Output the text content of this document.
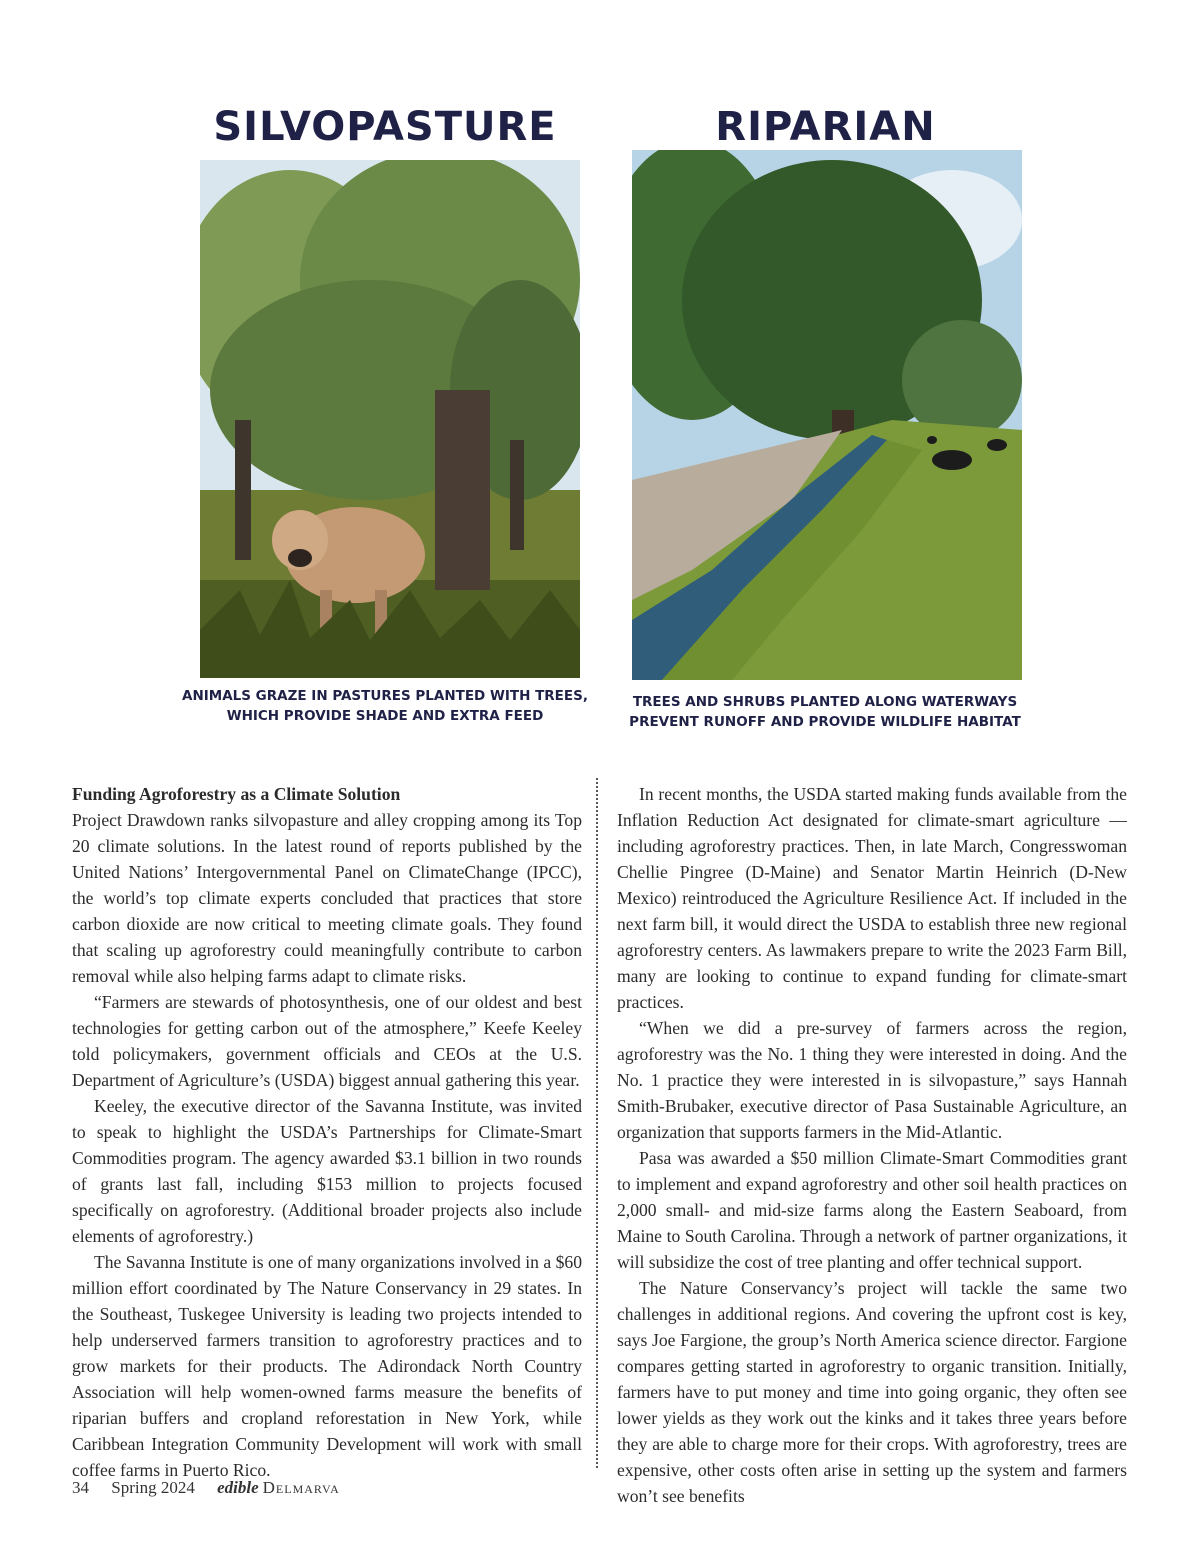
SILVOPASTURE

ANIMALS GRAZE IN PASTURES PLANTED WITH TREES,
WHICH PROVIDE SHADE AND EXTRA FEED

RIPARIAN

TREES AND SHRUBS PLANTED ALONG WATERWAYS
PREVENT RUNOFF AND PROVIDE WILDLIFE HABITAT

Funding Agroforestry as a Climate Solution

Project Drawdown ranks silvopasture and alley cropping among its Top 20 climate solutions. In the latest round of reports published by the United Nations’ Intergovernmental Panel on ClimateChange (IPCC), the world’s top climate experts concluded that practices that store carbon dioxide are now critical to meeting climate goals. They found that scaling up agroforestry could meaningfully contribute to carbon removal while also helping farms adapt to climate risks.

“Farmers are stewards of photosynthesis, one of our oldest and best technologies for getting carbon out of the atmosphere,” Keefe Keeley told policymakers, government officials and CEOs at the U.S. Department of Agriculture’s (USDA) biggest annual gathering this year.

Keeley, the executive director of the Savanna Institute, was invited to speak to highlight the USDA’s Partnerships for Climate-Smart Commodities program. The agency awarded $3.1 billion in two rounds of grants last fall, including $153 million to projects focused specifically on agroforestry. (Additional broader projects also include elements of agroforestry.)

The Savanna Institute is one of many organizations involved in a $60 million effort coordinated by The Nature Conservancy in 29 states. In the Southeast, Tuskegee University is leading two projects intended to help underserved farmers transition to agroforestry practices and to grow markets for their products. The Adirondack North Country Association will help women-owned farms measure the benefits of riparian buffers and cropland reforestation in New York, while Caribbean Integration Community Development will work with small coffee farms in Puerto Rico.

In recent months, the USDA started making funds available from the Inflation Reduction Act designated for climate-smart agriculture — including agroforestry practices. Then, in late March, Congresswoman Chellie Pingree (D-Maine) and Senator Martin Heinrich (D-New Mexico) reintroduced the Agriculture Resilience Act. If included in the next farm bill, it would direct the USDA to establish three new regional agroforestry centers. As lawmakers prepare to write the 2023 Farm Bill, many are looking to continue to expand funding for climate-smart practices.

“When we did a pre-survey of farmers across the region, agroforestry was the No. 1 thing they were interested in doing. And the No. 1 practice they were interested in is silvopasture,” says Hannah Smith-Brubaker, executive director of Pasa Sustainable Agriculture, an organization that supports farmers in the Mid-Atlantic.

Pasa was awarded a $50 million Climate-Smart Commodities grant to implement and expand agroforestry and other soil health practices on 2,000 small- and mid-size farms along the Eastern Seaboard, from Maine to South Carolina. Through a network of partner organizations, it will subsidize the cost of tree planting and offer technical support.

The Nature Conservancy’s project will tackle the same two challenges in additional regions. And covering the upfront cost is key, says Joe Fargione, the group’s North America science director. Fargione compares getting started in agroforestry to organic transition. Initially, farmers have to put money and time into going organic, they often see lower yields as they work out the kinks and it takes three years before they are able to charge more for their crops. With agroforestry, trees are expensive, other costs often arise in setting up the system and farmers won’t see benefits

34 Spring 2024 edible Delmarva
